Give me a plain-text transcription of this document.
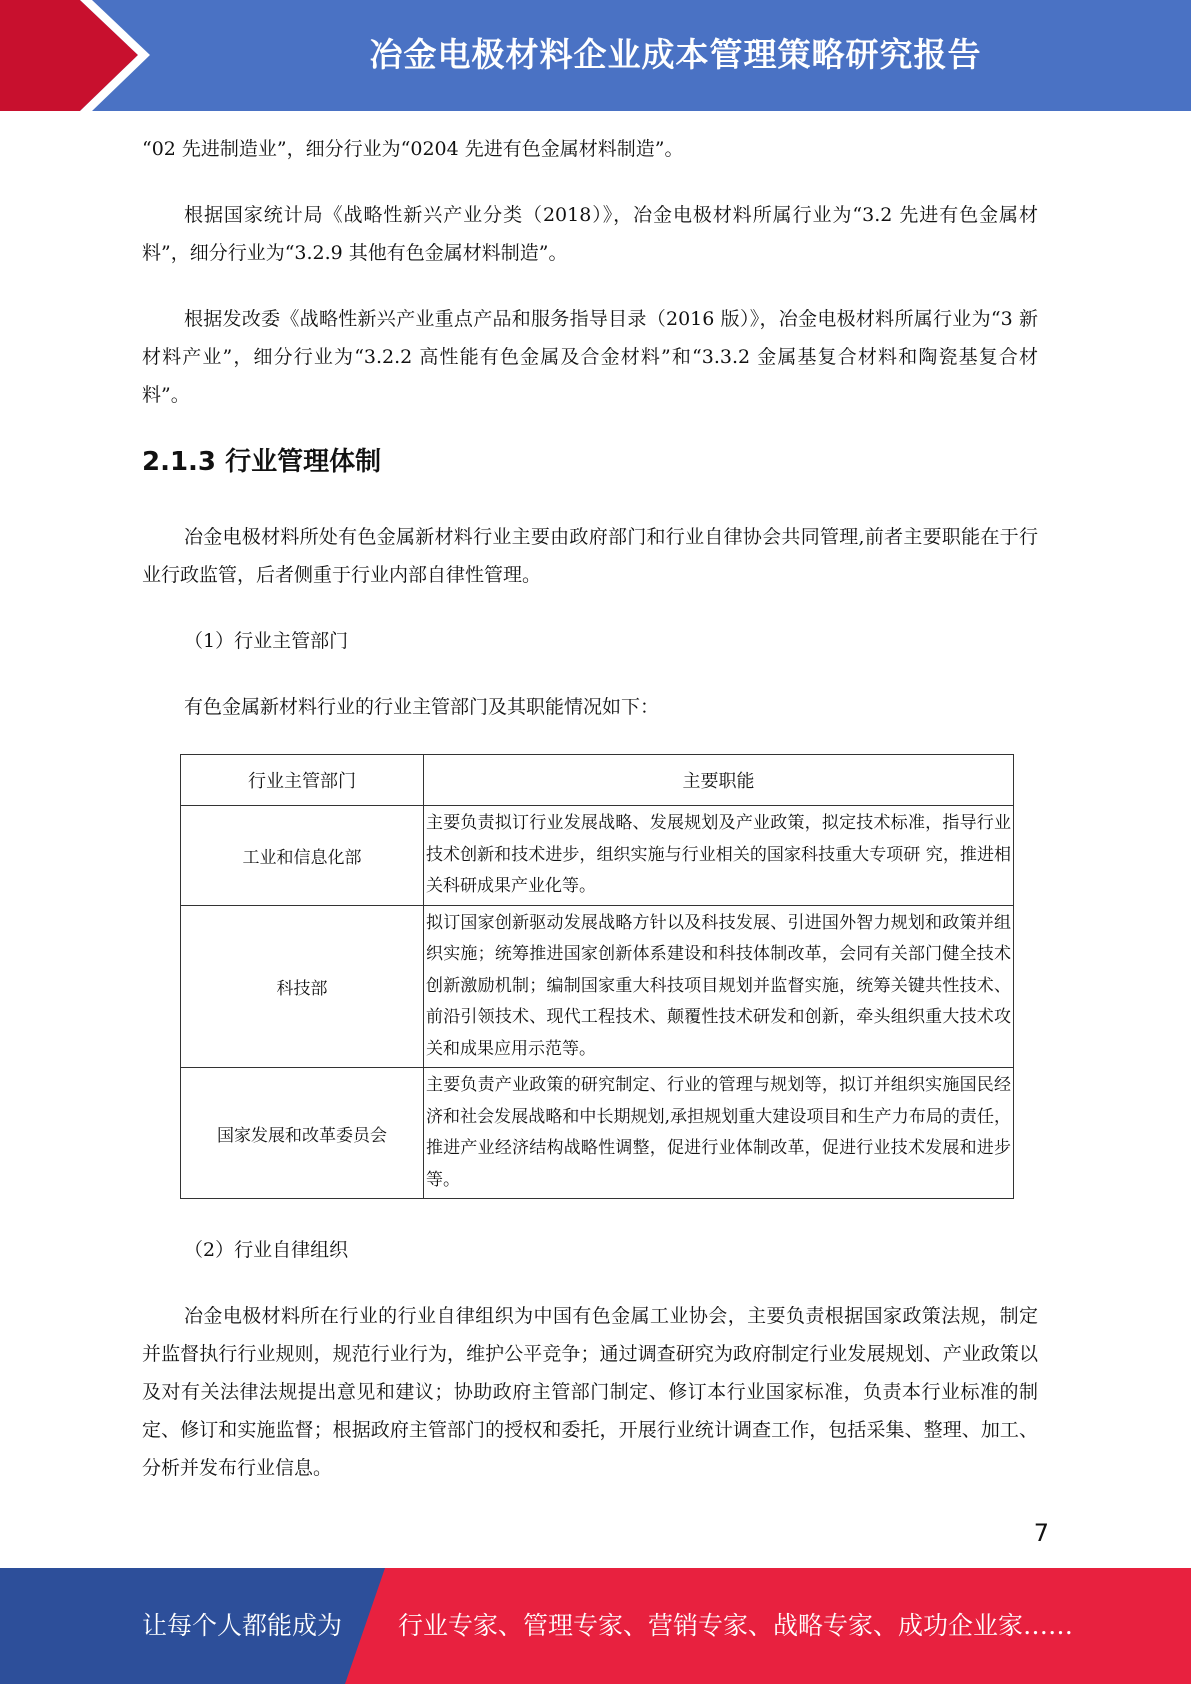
冶金电极材料企业成本管理策略研究报告

“02 先进制造业”，细分行业为“0204 先进有色金属材料制造”。

根据国家统计局《战略性新兴产业分类（2018）》，冶金电极材料所属行业为“3.2 先进有色金属材料”，细分行业为“3.2.9 其他有色金属材料制造”。

根据发改委《战略性新兴产业重点产品和服务指导目录（2016 版）》，冶金电极材料所属行业为“3 新材料产业”，细分行业为“3.2.2 高性能有色金属及合金材料”和“3.3.2 金属基复合材料和陶瓷基复合材料”。

2.1.3 行业管理体制

冶金电极材料所处有色金属新材料行业主要由政府部门和行业自律协会共同管理,前者主要职能在于行业行政监管，后者侧重于行业内部自律性管理。

（1）行业主管部门

有色金属新材料行业的行业主管部门及其职能情况如下：

行业主管部门	主要职能
工业和信息化部	主要负责拟订行业发展战略、发展规划及产业政策，拟定技术标准，指导行业技术创新和技术进步，组织实施与行业相关的国家科技重大专项研 究，推进相关科研成果产业化等。
科技部	拟订国家创新驱动发展战略方针以及科技发展、引进国外智力规划和政策并组织实施；统筹推进国家创新体系建设和科技体制改革，会同有关部门健全技术创新激励机制；编制国家重大科技项目规划并监督实施，统筹关键共性技术、前沿引领技术、现代工程技术、颠覆性技术研发和创新，牵头组织重大技术攻关和成果应用示范等。
国家发展和改革委员会	主要负责产业政策的研究制定、行业的管理与规划等，拟订并组织实施国民经济和社会发展战略和中长期规划,承担规划重大建设项目和生产力布局的责任，推进产业经济结构战略性调整，促进行业体制改革，促进行业技术发展和进步等。
（2）行业自律组织

冶金电极材料所在行业的行业自律组织为中国有色金属工业协会，主要负责根据国家政策法规，制定并监督执行行业规则，规范行业行为，维护公平竞争；通过调查研究为政府制定行业发展规划、产业政策以及对有关法律法规提出意见和建议；协助政府主管部门制定、修订本行业国家标准，负责本行业标准的制定、修订和实施监督；根据政府主管部门的授权和委托，开展行业统计调查工作，包括采集、整理、加工、分析并发布行业信息。

7
让每个人都能成为 行业专家、管理专家、营销专家、战略专家、成功企业家……
